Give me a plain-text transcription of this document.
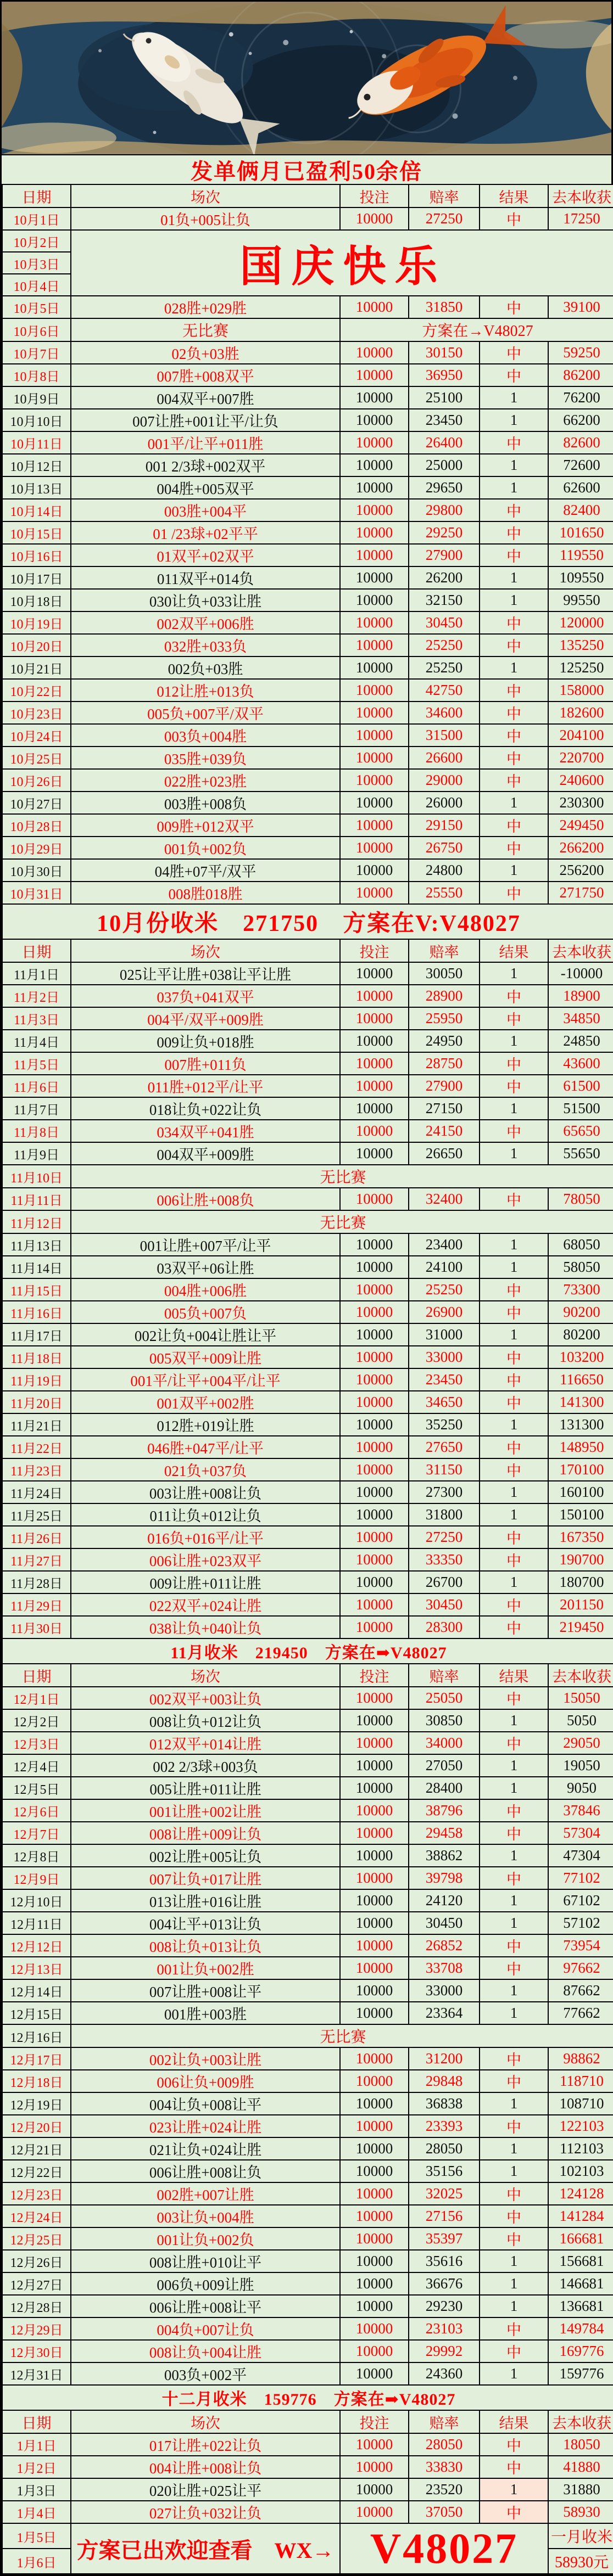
发单俩月已盈利50余倍
日期	场次	投注	赔率	结果	去本收获
10月1日	01负+005让负	10000	27250	中	17250
10月2日	国庆快乐				
10月3日					
10月4日					
10月5日	028胜+029胜	10000	31850	中	39100
10月6日	无比赛	方案在→V48027			
10月7日	02负+03胜	10000	30150	中	59250
10月8日	007胜+008双平	10000	36950	中	86200
10月9日	004双平+007胜	10000	25100	1	76200
10月10日	007让胜+001让平/让负	10000	23450	1	66200
10月11日	001平/让平+011胜	10000	26400	中	82600
10月12日	001 2/3球+002双平	10000	25000	1	72600
10月13日	004胜+005双平	10000	29650	1	62600
10月14日	003胜+004平	10000	29800	中	82400
10月15日	01 /23球+02平平	10000	29250	中	101650
10月16日	01双平+02双平	10000	27900	中	119550
10月17日	011双平+014负	10000	26200	1	109550
10月18日	030让负+033让胜	10000	32150	1	99550
10月19日	002双平+006胜	10000	30450	中	120000
10月20日	032胜+033负	10000	25250	中	135250
10月21日	002负+03胜	10000	25250	1	125250
10月22日	012让胜+013负	10000	42750	中	158000
10月23日	005负+007平/双平	10000	34600	中	182600
10月24日	003负+004胜	10000	31500	中	204100
10月25日	035胜+039负	10000	26600	中	220700
10月26日	022胜+023胜	10000	29000	中	240600
10月27日	003胜+008负	10000	26000	1	230300
10月28日	009胜+012双平	10000	29150	中	249450
10月29日	001负+002负	10000	26750	中	266200
10月30日	04胜+07平/双平	10000	24800	1	256200
10月31日	008胜018胜	10000	25550	中	271750
10月份收米　271750　方案在V:V48027					
日期	场次	投注	赔率	结果	去本收获
11月1日	025让平让胜+038让平让胜	10000	30050	1	-10000
11月2日	037负+041双平	10000	28900	中	18900
11月3日	004平/双平+009胜	10000	25950	中	34850
11月4日	009让负+018胜	10000	24950	1	24850
11月5日	007胜+011负	10000	28750	中	43600
11月6日	011胜+012平/让平	10000	27900	中	61500
11月7日	018让负+022让负	10000	27150	1	51500
11月8日	034双平+041胜	10000	24150	中	65650
11月9日	004双平+009胜	10000	26650	1	55650
11月10日	无比赛				
11月11日	006让胜+008负	10000	32400	中	78050
11月12日	无比赛				
11月13日	001让胜+007平/让平	10000	23400	1	68050
11月14日	03双平+06让胜	10000	24100	1	58050
11月15日	004胜+006胜	10000	25250	中	73300
11月16日	005负+007负	10000	26900	中	90200
11月17日	002让负+004让胜让平	10000	31000	1	80200
11月18日	005双平+009让胜	10000	33000	中	103200
11月19日	001平/让平+004平/让平	10000	23450	中	116650
11月20日	001双平+002胜	10000	34650	中	141300
11月21日	012胜+019让胜	10000	35250	1	131300
11月22日	046胜+047平/让平	10000	27650	中	148950
11月23日	021负+037负	10000	31150	中	170100
11月24日	003让胜+008让负	10000	27300	1	160100
11月25日	011让负+012让负	10000	31800	1	150100
11月26日	016负+016平/让平	10000	27250	中	167350
11月27日	006让胜+023双平	10000	33350	中	190700
11月28日	009让胜+011让胜	10000	26700	1	180700
11月29日	022双平+024让胜	10000	30450	中	201150
11月30日	038让负+040让负	10000	28300	中	219450
11月收米　219450　方案在➡V48027					
日期	场次	投注	赔率	结果	去本收获
12月1日	002双平+003让负	10000	25050	中	15050
12月2日	008让负+012让负	10000	30850	1	5050
12月3日	012双平+014让胜	10000	34000	中	29050
12月4日	002 2/3球+003负	10000	27050	1	19050
12月5日	005让胜+011让胜	10000	28400	1	9050
12月6日	001让胜+002让胜	10000	38796	中	37846
12月7日	008让胜+009让负	10000	29458	中	57304
12月8日	002让胜+005让负	10000	38862	1	47304
12月9日	007让负+017让胜	10000	39798	中	77102
12月10日	013让胜+016让胜	10000	24120	1	67102
12月11日	004让平+013让负	10000	30450	1	57102
12月12日	008让负+013让负	10000	26852	中	73954
12月13日	001让负+002胜	10000	33708	中	97662
12月14日	007让胜+008让平	10000	33000	1	87662
12月15日	001胜+003胜	10000	23364	1	77662
12月16日	无比赛				
12月17日	002让负+003让胜	10000	31200	中	98862
12月18日	006让负+009胜	10000	29848	中	118710
12月19日	004让负+008让平	10000	36838	1	108710
12月20日	023让胜+024让胜	10000	23393	中	122103
12月21日	021让负+024让胜	10000	28050	1	112103
12月22日	006让胜+008让负	10000	35156	1	102103
12月23日	002胜+007让胜	10000	32025	中	124128
12月24日	003让负+004胜	10000	27156	中	141284
12月25日	001让负+002负	10000	35397	中	166681
12月26日	008让胜+010让平	10000	35616	1	156681
12月27日	006负+009让胜	10000	36676	1	146681
12月28日	006让胜+008让平	10000	29230	1	136681
12月29日	004负+007让负	10000	23103	中	149784
12月30日	008让负+004让胜	10000	29992	中	169776
12月31日	003负+002平	10000	24360	1	159776
十二月收米　159776　方案在➡V48027					
日期	场次	投注	赔率	结果	去本收获
1月1日	017让胜+022让负	10000	28050	中	18050
1月2日	004让胜+008让负	10000	33830	中	41880
1月3日	020让胜+025让平	10000	23520	1	31880
1月4日	027让负+032让负	10000	37050	中	58930
1月5日	方案已出欢迎查看　WX→	V48027			一月收米
1月6日					58930元
